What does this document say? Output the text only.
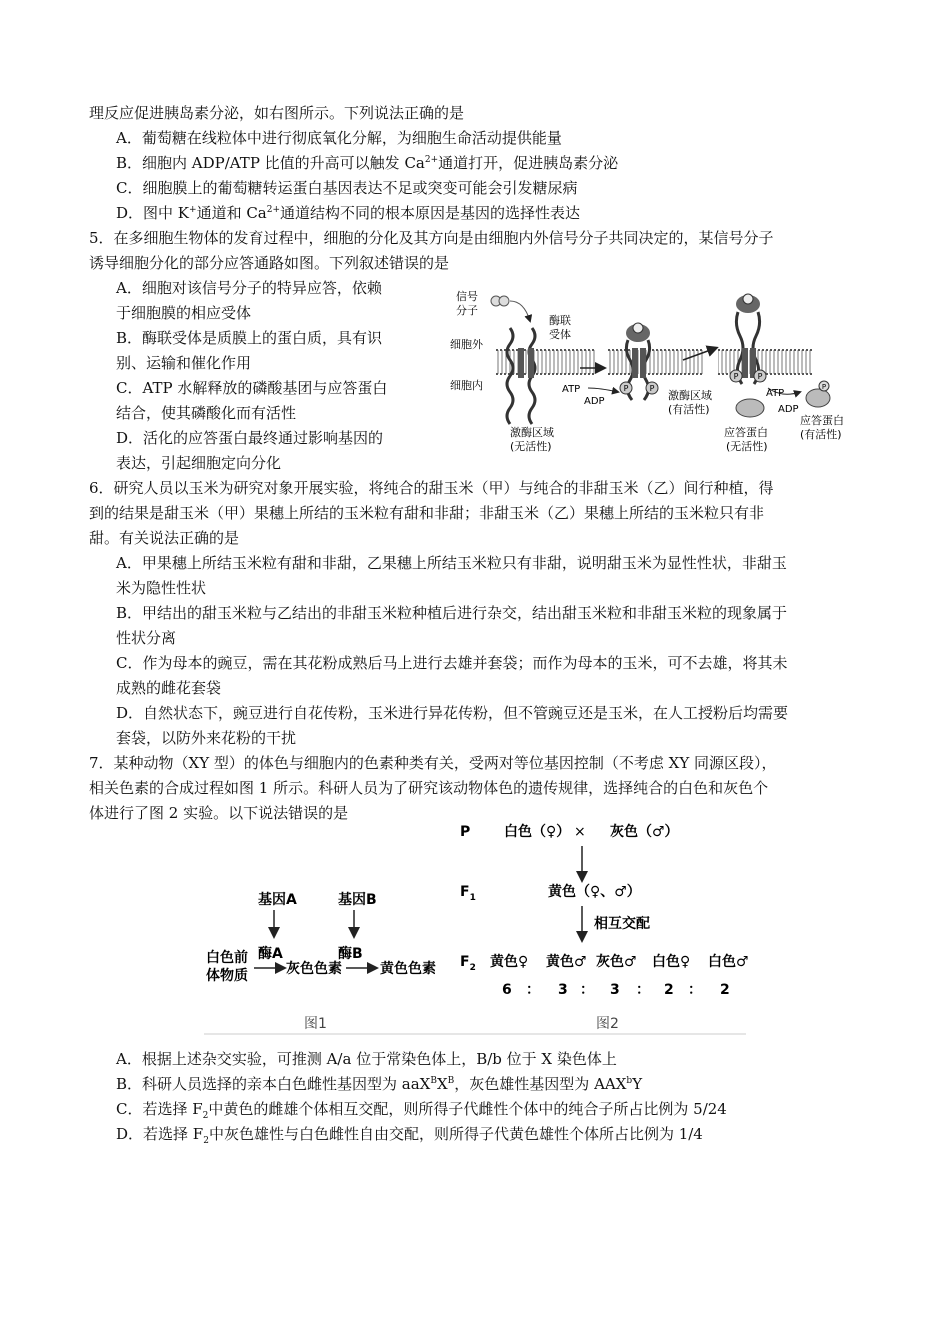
理反应促进胰岛素分泌，如右图所示。下列说法正确的是
A．葡萄糖在线粒体中进行彻底氧化分解，为细胞生命活动提供能量
B．细胞内 ADP/ATP 比值的升高可以触发 $Ca^{2+}$通道打开，促进胰岛素分泌
C．细胞膜上的葡萄糖转运蛋白基因表达不足或突变可能会引发糖尿病
D．图中 K+通道和 $Ca^{2+}$通道结构不同的根本原因是基因的选择性表达
5．在多细胞生物体的发育过程中，细胞的分化及其方向是由细胞内外信号分子共同决定的，某信号分子
诱导细胞分化的部分应答通路如图。下列叙述错误的是
A．细胞对该信号分子的特异应答，依赖
于细胞膜的相应受体
B．酶联受体是质膜上的蛋白质，具有识
别、运输和催化作用
C．ATP 水解释放的磷酸基团与应答蛋白
结合，使其磷酸化而有活性
D．活化的应答蛋白最终通过影响基因的
表达，引起细胞定向分化
P	P
P P
P
信号
分子
酶联
受体
细胞外
细胞内	ATP
ADP
ATP
ADP
激酶区域
(无活性)
激酶区域
(有活性)
应答蛋白
(无活性)
应答蛋白
(有活性)
6．研究人员以玉米为研究对象开展实验，将纯合的甜玉米（甲）与纯合的非甜玉米（乙）间行种植，得
到的结果是甜玉米（甲）果穗上所结的玉米粒有甜和非甜；非甜玉米（乙）果穗上所结的玉米粒只有非
甜。有关说法正确的是
A．甲果穗上所结玉米粒有甜和非甜，乙果穗上所结玉米粒只有非甜，说明甜玉米为显性性状，非甜玉
米为隐性性状
B．甲结出的甜玉米粒与乙结出的非甜玉米粒种植后进行杂交，结出甜玉米粒和非甜玉米粒的现象属于
性状分离
C．作为母本的豌豆，需在其花粉成熟后马上进行去雄并套袋；而作为母本的玉米，可不去雄，将其未
成熟的雌花套袋
D．自然状态下，豌豆进行自花传粉，玉米进行异花传粉，但不管豌豆还是玉米，在人工授粉后均需要
套袋，以防外来花粉的干扰
7．某种动物（XY 型）的体色与细胞内的色素种类有关，受两对等位基因控制（不考虑 XY 同源区段），
相关色素的合成过程如图 1 所示。科研人员为了研究该动物体色的遗传规律，选择纯合的白色和灰色个
体进行了图 2 实验。以下说法错误的是
基因A	基因B
酶A	酶B
白色前
体物质	灰色色素	黄色色素
P 白色（♀） × 灰色（♂）
$F_1$	黄色（♀、♂）
相互交配
$F_2$ 黄色♀ 黄色♂ 灰色♂ 白色♀ 白色♂
6 ： 3 ： 3 ： 2 ： 2
图1	图2
A．根据上述杂交实验，可推测 A/a 位于常染色体上，B/b 位于 X 染色体上
B．科研人员选择的亲本白色雌性基因型为 $aaX^BX^B$，灰色雄性基因型为 AAX$^b$Y
C．若选择 $F_2$中黄色的雌雄个体相互交配，则所得子代雌性个体中的纯合子所占比例为 5/24
D．若选择 $F_2$中灰色雄性与白色雌性自由交配，则所得子代黄色雄性个体所占比例为 1/4
